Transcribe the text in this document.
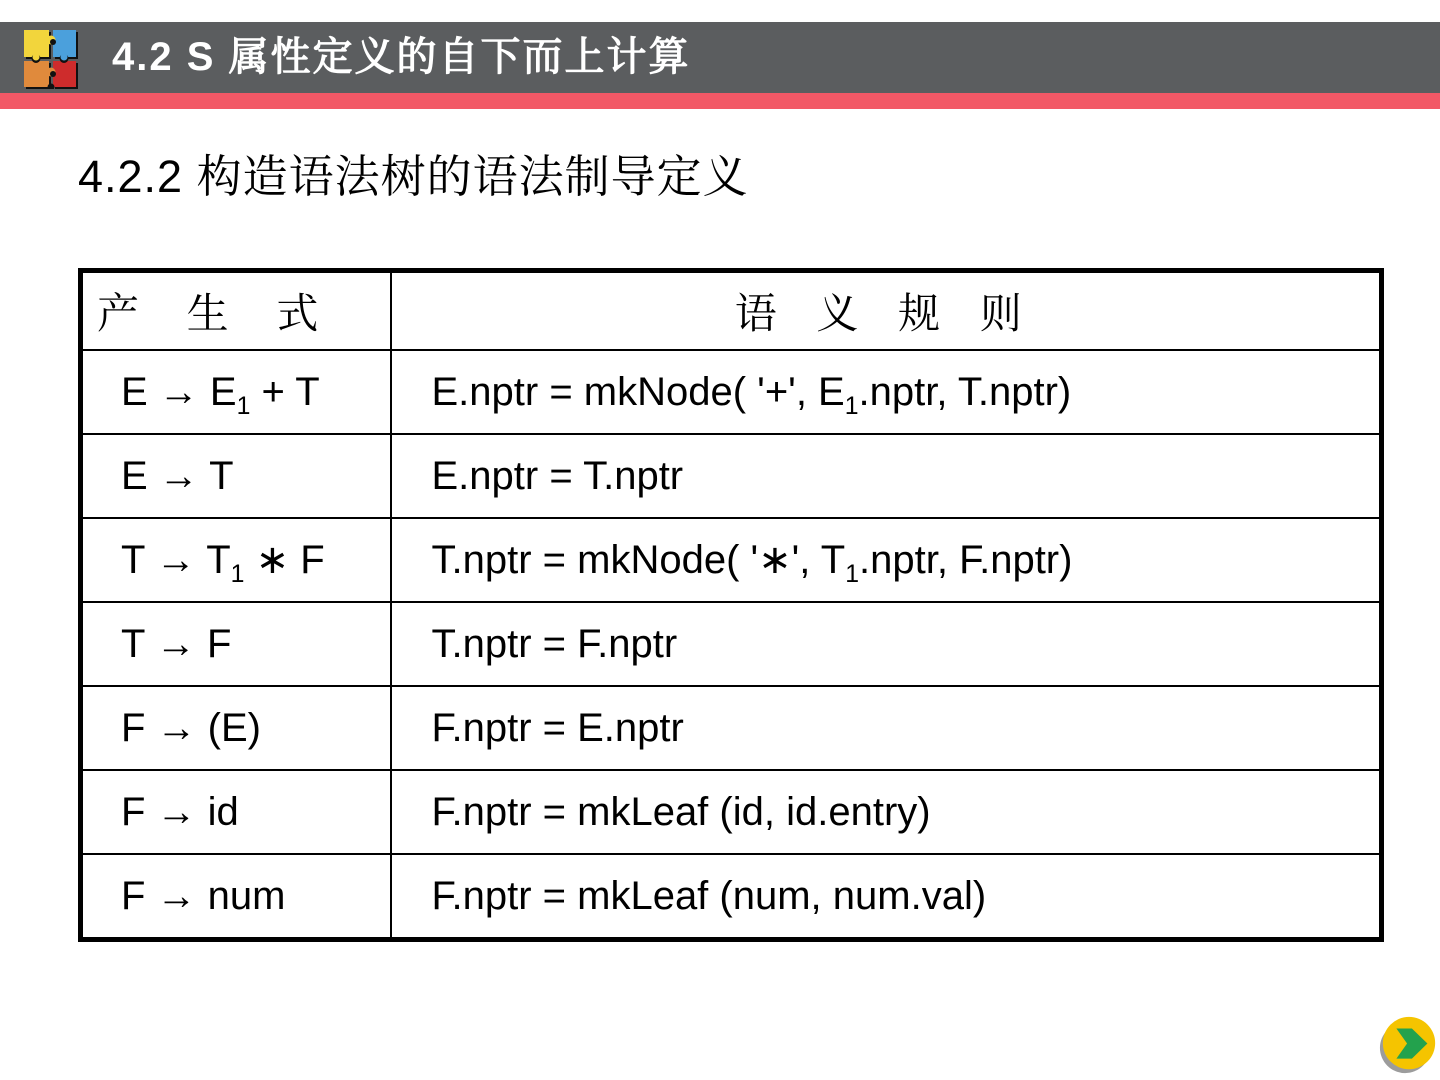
4.2 S 属性定义的自下而上计算
4.2.2 构造语法树的语法制导定义
产 生 式	语 义 规 则
$E \to E_1 + T$	E.nptr = mkNode( '+', $E_1.nptr$, T.nptr)
E → T	E.nptr = T.nptr
$T \to T_1$ ∗ F	T.nptr = mkNode( '∗', $T_1.nptr$, F.nptr)
T → F	T.nptr = F.nptr
F → (E)	F.nptr = E.nptr
F → id	F.nptr = mkLeaf (id, id.entry)
F → num	F.nptr = mkLeaf (num, num.val)
